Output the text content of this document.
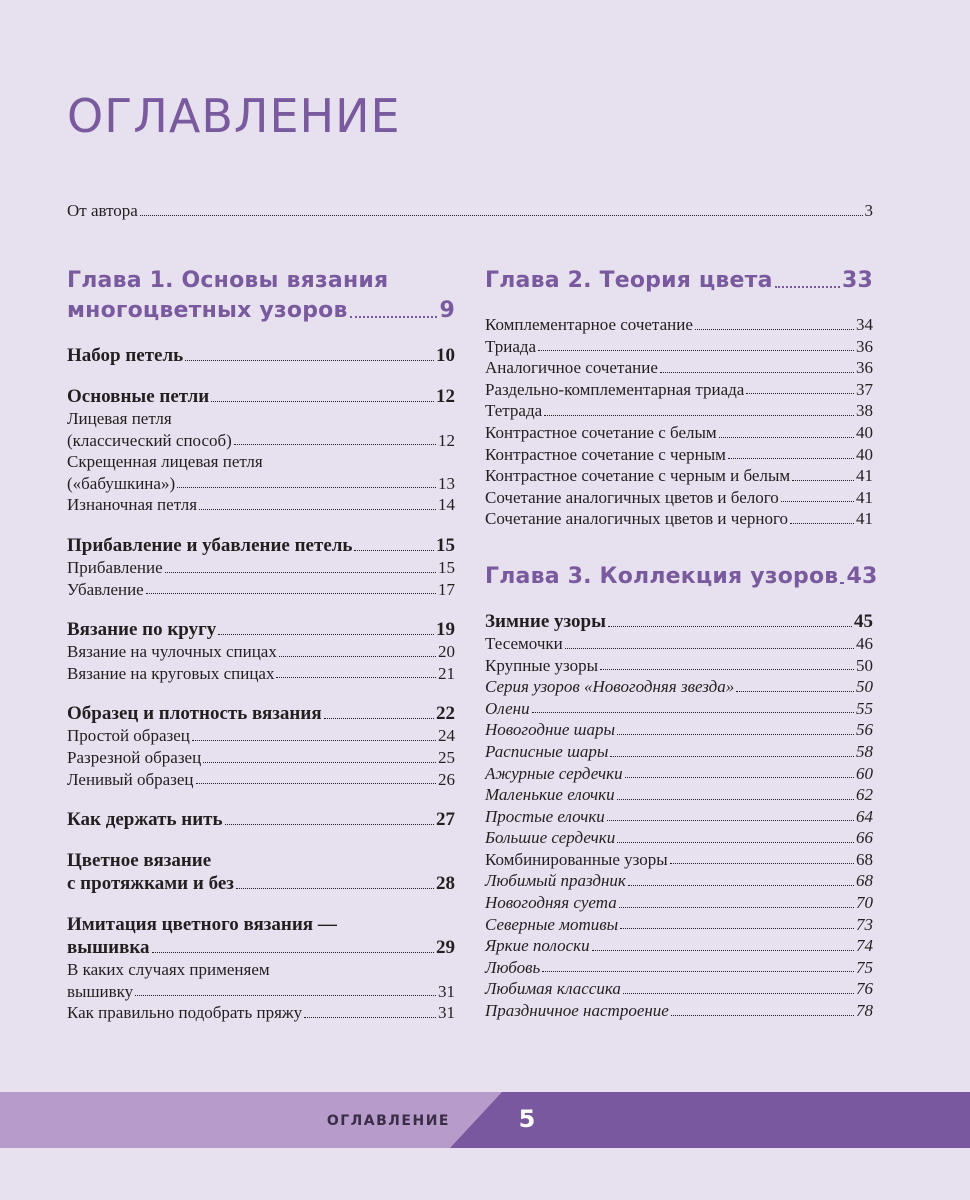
ОГЛАВЛЕНИЕ
От автора	3
Глава 1. Основы вязания
многоцветных узоров	9
Набор петель	10
Основные петли	12
Лицевая петля
(классический способ)	12
Скрещенная лицевая петля
(«бабушкина»)	13
Изнаночная петля	14
Прибавление и убавление петель	15
Прибавление	15
Убавление	17
Вязание по кругу	19
Вязание на чулочных спицах	20
Вязание на круговых спицах	21
Образец и плотность вязания	22
Простой образец	24
Разрезной образец	25
Ленивый образец	26
Как держать нить	27
Цветное вязание
с протяжками и без	28
Имитация цветного вязания —
вышивка	29
В каких случаях применяем
вышивку	31
Как правильно подобрать пряжу	31
Глава 2. Теория цвета	33
Комплементарное сочетание	34
Триада	36
Аналогичное сочетание	36
Раздельно-комплементарная триада	37
Тетрада	38
Контрастное сочетание с белым	40
Контрастное сочетание с черным	40
Контрастное сочетание с черным и белым	41
Сочетание аналогичных цветов и белого	41
Сочетание аналогичных цветов и черного	41
Глава 3. Коллекция узоров 43
Зимние узоры	45
Тесемочки	46
Крупные узоры	50
Серия узоров «Новогодняя звезда»	50
Олени	55
Новогодние шары	56
Расписные шары	58
Ажурные сердечки	60
Маленькие елочки	62
Простые елочки	64
Большие сердечки	66
Комбинированные узоры	68
Любимый праздник	68
Новогодняя суета	70
Северные мотивы	73
Яркие полоски	74
Любовь	75
Любимая классика	76
Праздничное настроение	78
ОГЛАВЛЕНИЕ	5
